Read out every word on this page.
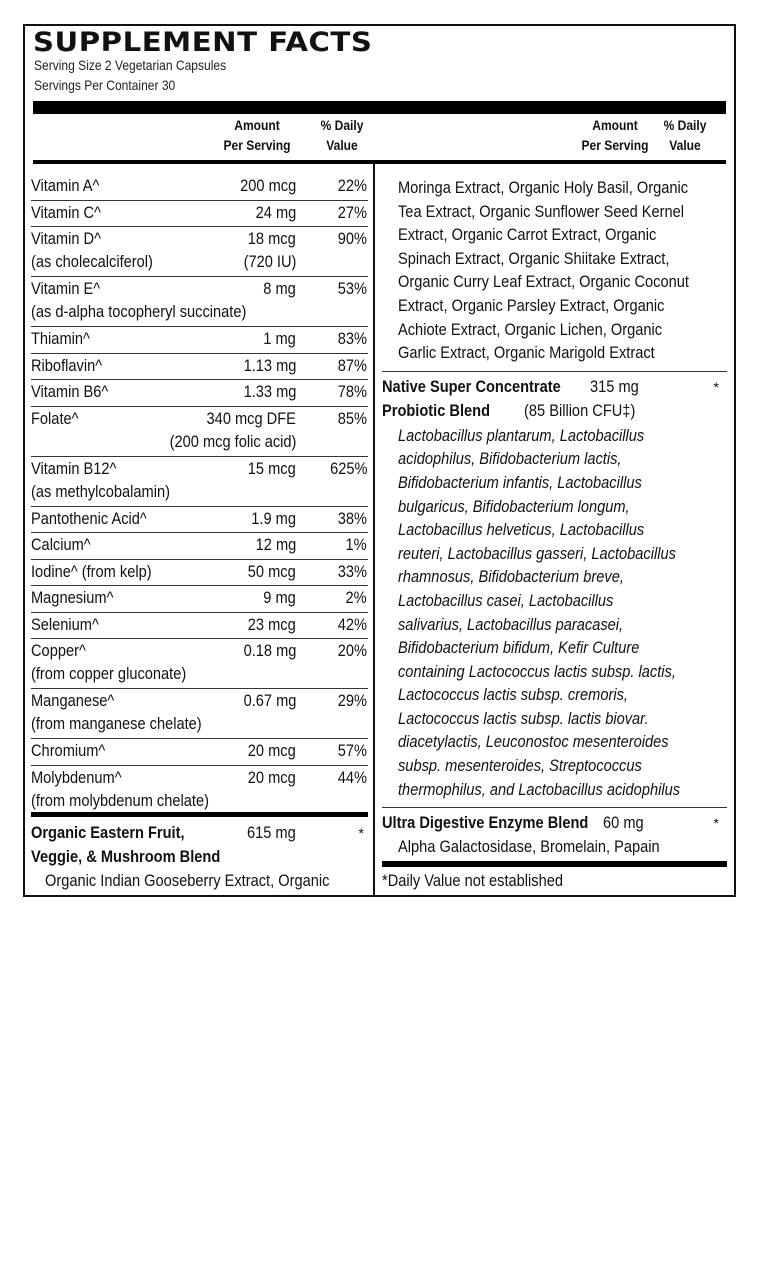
SUPPLEMENT FACTS
Serving Size 2 Vegetarian Capsules
Servings Per Container 30
Amount
Per Serving
% Daily
Value
Amount
Per Serving
% Daily
Value
Vitamin A^	200 mcg 22%
Vitamin C^	24 mg 27%
Vitamin D^	18 mcg 90%
(as cholecalciferol)	(720 IU)
Vitamin E^	8 mg 53%
(as d-alpha tocopheryl succinate)
Thiamin^	1 mg 83%
Riboflavin^	1.13 mg 87%
Vitamin B6^	1.33 mg 78%
Folate^	340 mcg DFE 85%
(200 mcg folic acid)
Vitamin B12^	15 mcg 625%
(as methylcobalamin)
Pantothenic Acid^	1.9 mg 38%
Calcium^	12 mg	1%
Iodine^ (from kelp)	50 mcg 33%
Magnesium^	9 mg	2%
Selenium^	23 mcg 42%
Copper^	0.18 mg 20%
(from copper gluconate)
Manganese^	0.67 mg 29%
(from manganese chelate)
Chromium^	20 mcg 57%
Molybdenum^	20 mcg 44%
(from molybdenum chelate)
Organic Eastern Fruit,
Veggie, & Mushroom Blend
615 mg	*
Organic Indian Gooseberry Extract, Organic
Moringa Extract, Organic Holy Basil, Organic
Tea Extract, Organic Sunflower Seed Kernel
Extract, Organic Carrot Extract, Organic
Spinach Extract, Organic Shiitake Extract,
Organic Curry Leaf Extract, Organic Coconut
Extract, Organic Parsley Extract, Organic
Achiote Extract, Organic Lichen, Organic
Garlic Extract, Organic Marigold Extract
Native Super Concentrate 315 mg	*
Probiotic Blend (85 Billion CFU‡)
Lactobacillus plantarum, Lactobacillus
acidophilus, Bifidobacterium lactis,
Bifidobacterium infantis, Lactobacillus
bulgaricus, Bifidobacterium longum,
Lactobacillus helveticus, Lactobacillus
reuteri, Lactobacillus gasseri, Lactobacillus
rhamnosus, Bifidobacterium breve,
Lactobacillus casei, Lactobacillus
salivarius, Lactobacillus paracasei,
Bifidobacterium bifidum, Kefir Culture
containing Lactococcus lactis subsp. lactis,
Lactococcus lactis subsp. cremoris,
Lactococcus lactis subsp. lactis biovar.
diacetylactis, Leuconostoc mesenteroides
subsp. mesenteroides, Streptococcus
thermophilus, and Lactobacillus acidophilus
Ultra Digestive Enzyme Blend 60 mg	*
Alpha Galactosidase, Bromelain, Papain
*Daily Value not established
